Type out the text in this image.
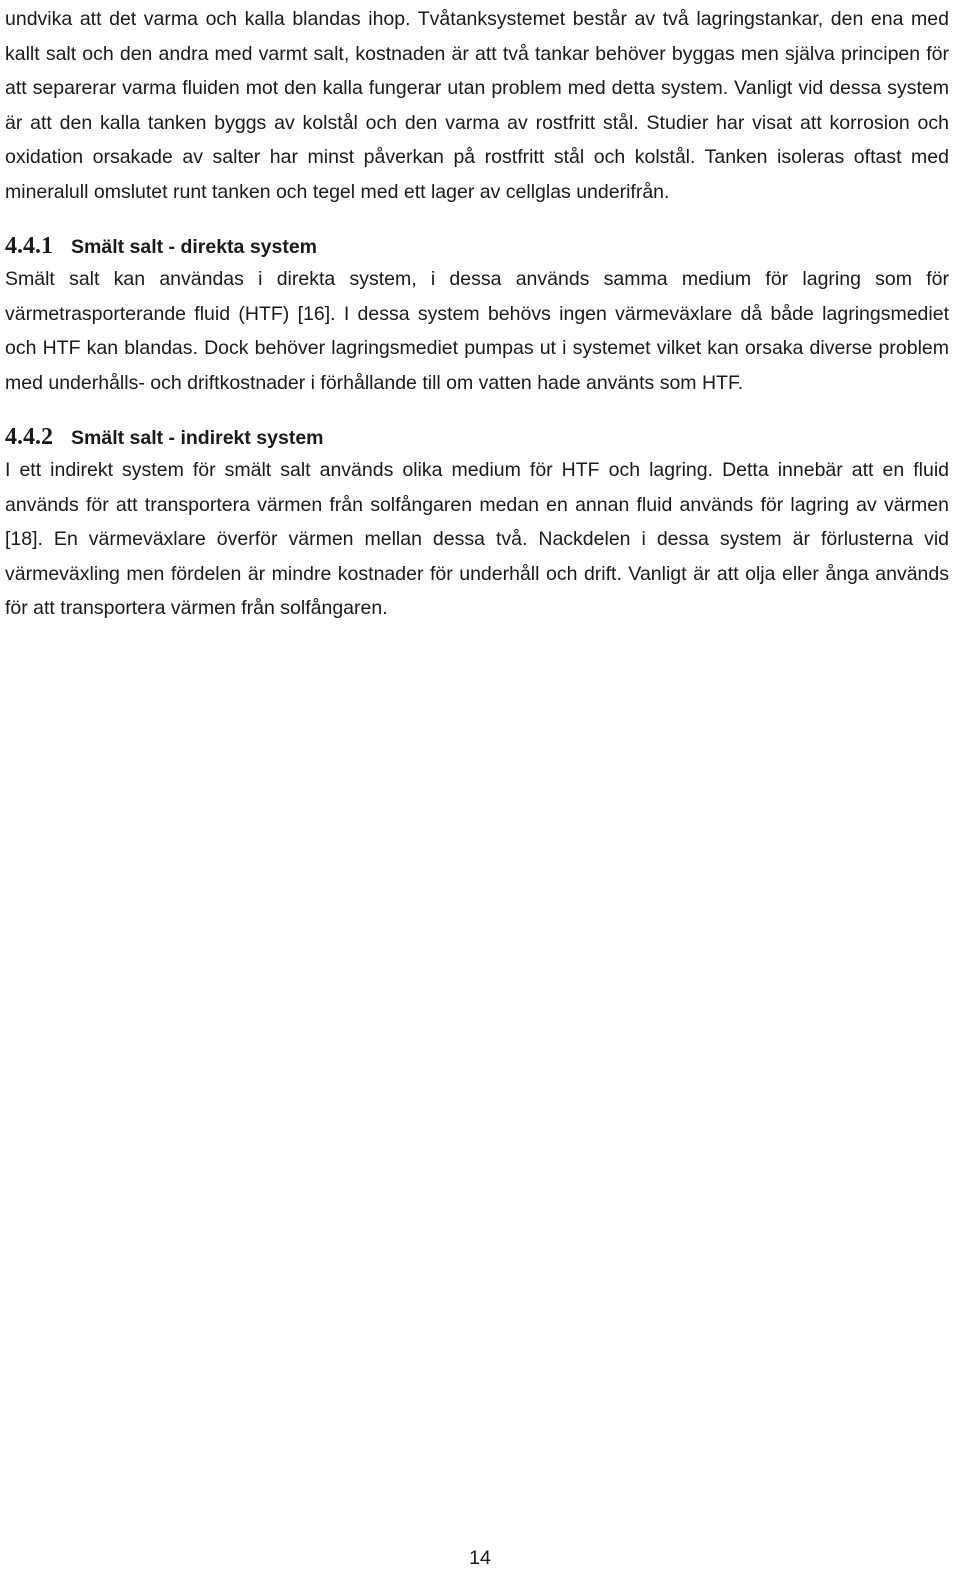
undvika att det varma och kalla blandas ihop. Tvåtanksystemet består av två lagringstankar, den ena med kallt salt och den andra med varmt salt, kostnaden är att två tankar behöver byggas men själva principen för att separerar varma fluiden mot den kalla fungerar utan problem med detta system. Vanligt vid dessa system är att den kalla tanken byggs av kolstål och den varma av rostfritt stål. Studier har visat att korrosion och oxidation orsakade av salter har minst påverkan på rostfritt stål och kolstål. Tanken isoleras oftast med mineralull omslutet runt tanken och tegel med ett lager av cellglas underifrån.

4.4.1 Smält salt - direkta system

Smält salt kan användas i direkta system, i dessa används samma medium för lagring som för värmetrasporterande fluid (HTF) [16]. I dessa system behövs ingen värmeväxlare då både lagringsmediet och HTF kan blandas. Dock behöver lagringsmediet pumpas ut i systemet vilket kan orsaka diverse problem med underhålls- och driftkostnader i förhållande till om vatten hade använts som HTF.

4.4.2 Smält salt - indirekt system

I ett indirekt system för smält salt används olika medium för HTF och lagring. Detta innebär att en fluid används för att transportera värmen från solfångaren medan en annan fluid används för lagring av värmen [18]. En värmeväxlare överför värmen mellan dessa två. Nackdelen i dessa system är förlusterna vid värmeväxling men fördelen är mindre kostnader för underhåll och drift. Vanligt är att olja eller ånga används för att transportera värmen från solfångaren.

14
